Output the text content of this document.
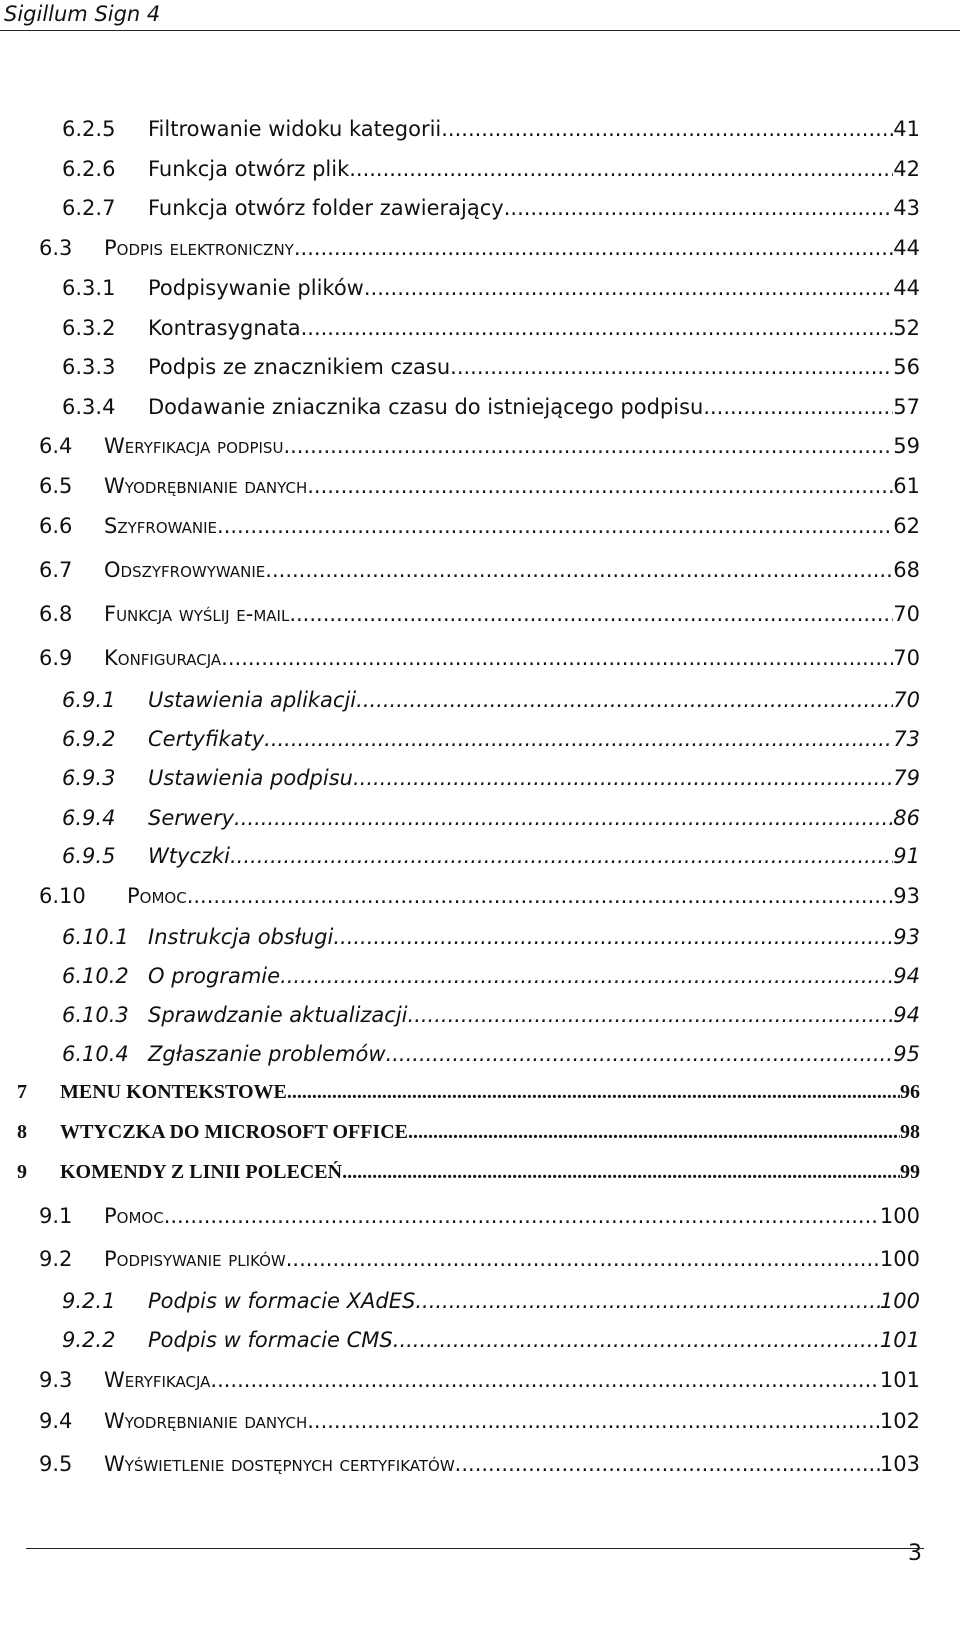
Sigillum Sign 4
6.2.5	Filtrowanie widoku kategorii .....	41
6.2.6	Funkcja otwórz plik .....	42
6.2.7	Funkcja otwórz folder zawierający .....	43
6.3	Podpis elektroniczny .....	44
6.3.1	Podpisywanie plików .....	44
6.3.2	Kontrasygnata .....	52
6.3.3	Podpis ze znacznikiem czasu .....	56
6.3.4	Dodawanie zniacznika czasu do istniejącego podpisu .....	57
6.4	Weryfikacja podpisu .....	59
6.5	Wyodrębnianie danych .....	61
6.6	Szyfrowanie .....	62
6.7	Odszyfrowywanie .....	68
6.8	Funkcja wyślij e-mail .....	70
6.9	Konfiguracja .....	70
6.9.1	Ustawienia aplikacji .....	70
6.9.2	Certyfikaty .....	73
6.9.3	Ustawienia podpisu .....	79
6.9.4	Serwery .....	86
6.9.5	Wtyczki .....	91
6.10	Pomoc .....	93
6.10.1 Instrukcja obsługi .....	93
6.10.2 O programie .....	94
6.10.3 Sprawdzanie aktualizacji .....	94
6.10.4 Zgłaszanie problemów .....	95
7	MENU KONTEKSTOWE .....	96
8	WTYCZKA DO MICROSOFT OFFICE .....	98
9	KOMENDY Z LINII POLECEŃ .....	99
9.1	Pomoc .....	100
9.2	Podpisywanie plików .....	100
9.2.1	Podpis w formacie XAdES .....	100
9.2.2	Podpis w formacie CMS .....	101
9.3	Weryfikacja .....	101
9.4	Wyodrębnianie danych .....	102
9.5	Wyświetlenie dostępnych certyfikatów .....	103
3
